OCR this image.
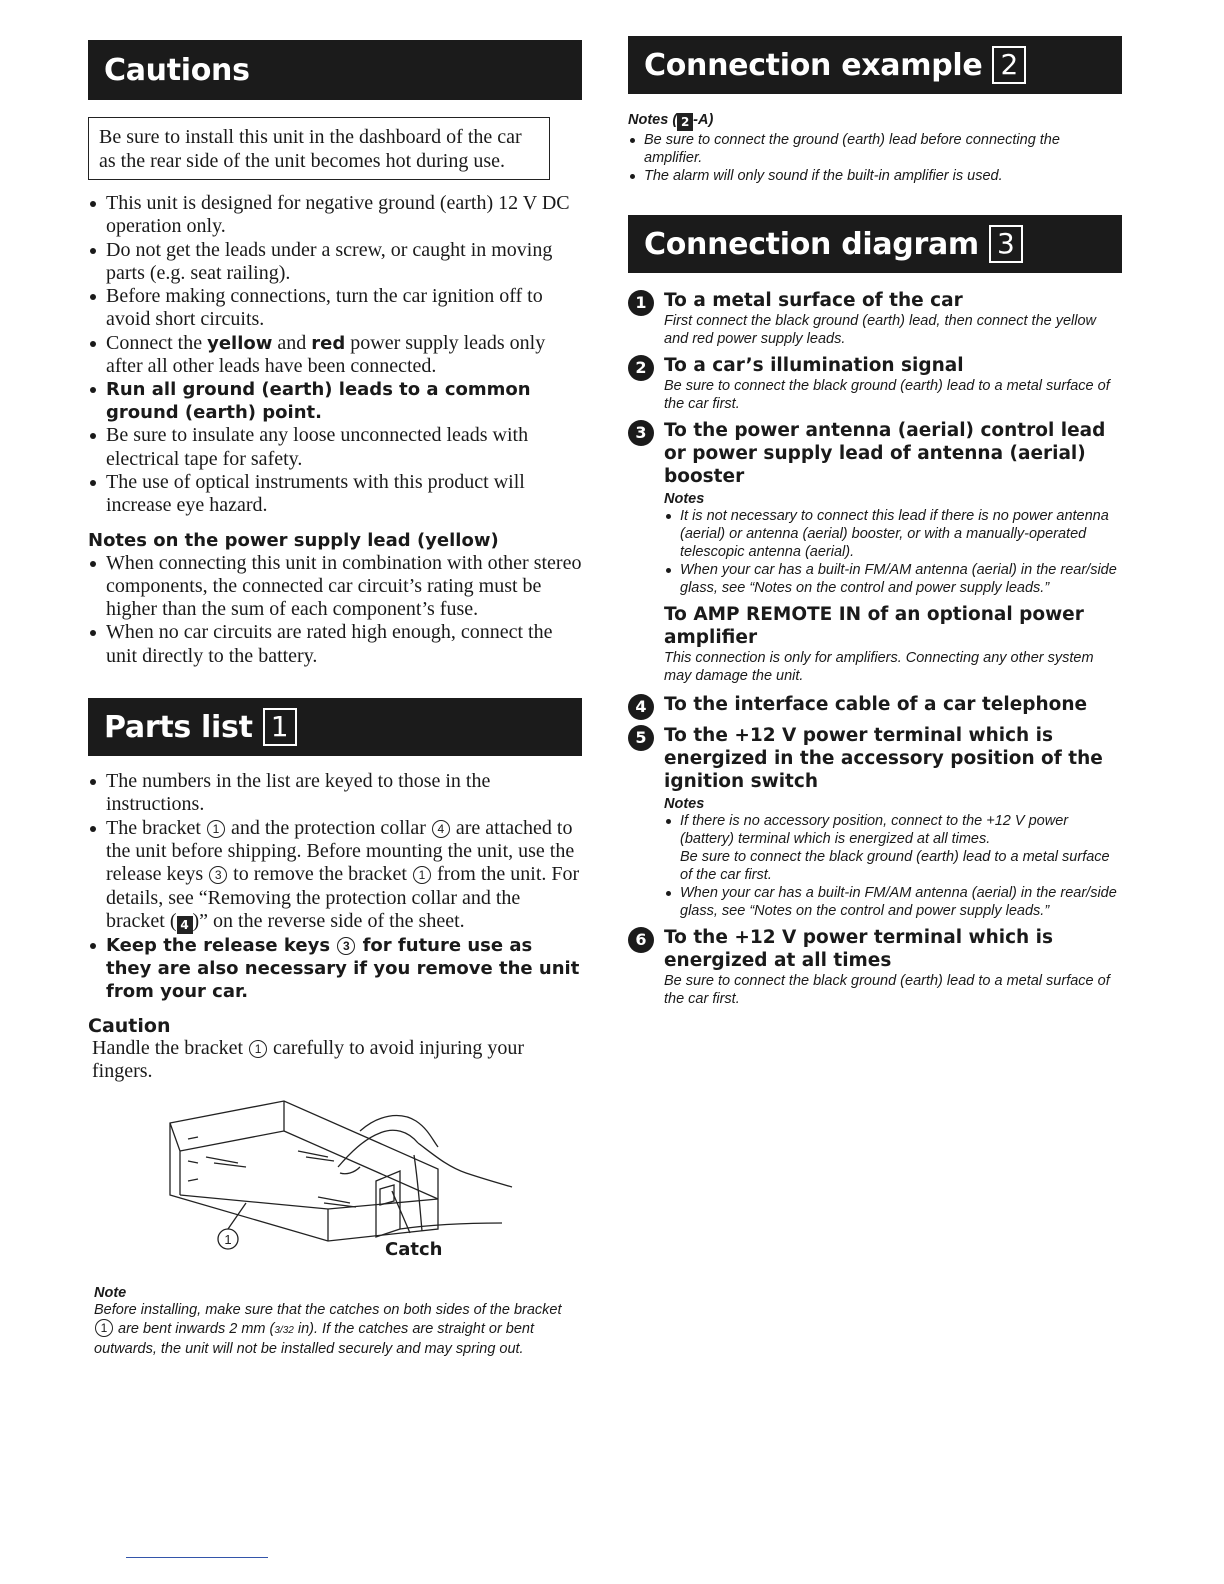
Cautions
Be sure to install this unit in the dashboard of the car as the rear side of the unit becomes hot during use.
This unit is designed for negative ground (earth) 12 V DC operation only.
Do not get the leads under a screw, or caught in moving parts (e.g. seat railing).
Before making connections, turn the car ignition off to avoid short circuits.
Connect the yellow and red power supply leads only after all other leads have been connected.
Run all ground (earth) leads to a common ground (earth) point.
Be sure to insulate any loose unconnected leads with electrical tape for safety.
The use of optical instruments with this product will increase eye hazard.
Notes on the power supply lead (yellow)
When connecting this unit in combination with other stereo components, the connected car circuit’s rating must be higher than the sum of each component’s fuse.
When no car circuits are rated high enough, connect the unit directly to the battery.
Parts list 1
The numbers in the list are keyed to those in the instructions.
The bracket 1 and the protection collar 4 are attached to the unit before shipping. Before mounting the unit, use the release keys 3 to remove the bracket 1 from the unit. For details, see “Removing the protection collar and the bracket ( 4 )” on the reverse side of the sheet.
Keep the release keys 3 for future use as they are also necessary if you remove the unit from your car.
Caution
Handle the bracket 1 carefully to avoid injuring your fingers.
1	Catch
Note
Before installing, make sure that the catches on both sides of the bracket 1 are bent inwards 2 mm (3/32 in). If the catches are straight or bent outwards, the unit will not be installed securely and may spring out.
Connection example 2
Notes ( 2 -A)
Be sure to connect the ground (earth) lead before connecting the amplifier.
The alarm will only sound if the built-in amplifier is used.
Connection diagram 3
1 To a metal surface of the car
First connect the black ground (earth) lead, then connect the yellow and red power supply leads.
2 To a car’s illumination signal
Be sure to connect the black ground (earth) lead to a metal surface of the car first.
3 To the power antenna (aerial) control lead or power supply lead of antenna (aerial) booster
Notes
It is not necessary to connect this lead if there is no power antenna (aerial) or antenna (aerial) booster, or with a manually-operated telescopic antenna (aerial).
When your car has a built-in FM/AM antenna (aerial) in the rear/side glass, see “Notes on the control and power supply leads.”
To AMP REMOTE IN of an optional power amplifier
This connection is only for amplifiers. Connecting any other system may damage the unit.
4 To the interface cable of a car telephone
5 To the +12 V power terminal which is energized in the accessory position of the ignition switch
Notes
If there is no accessory position, connect to the +12 V power (battery) terminal which is energized at all times.
Be sure to connect the black ground (earth) lead to a metal surface of the car first.
When your car has a built-in FM/AM antenna (aerial) in the rear/side glass, see “Notes on the control and power supply leads.”
6 To the +12 V power terminal which is energized at all times
Be sure to connect the black ground (earth) lead to a metal surface of the car first.
